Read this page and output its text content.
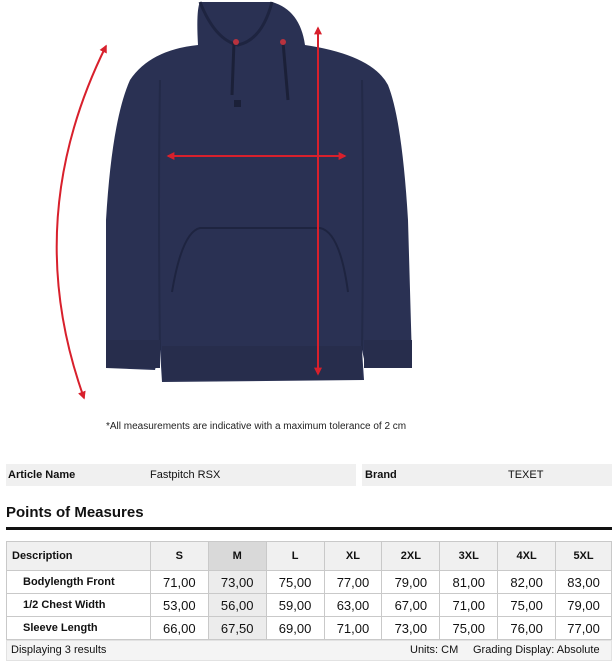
*All measurements are indicative with a maximum tolerance of 2 cm
Article Name	Fastpitch RSX	Brand	TEXET
Points of Measures
Description	S	M	L	XL	2XL	3XL	4XL	5XL
Bodylength Front	71,00	73,00	75,00	77,00	79,00	81,00	82,00	83,00
1/2 Chest Width	53,00	56,00	59,00	63,00	67,00	71,00	75,00	79,00
Sleeve Length	66,00	67,50	69,00	71,00	73,00	75,00	76,00	77,00
Displaying 3 results	Units: CM Grading Display: Absolute
